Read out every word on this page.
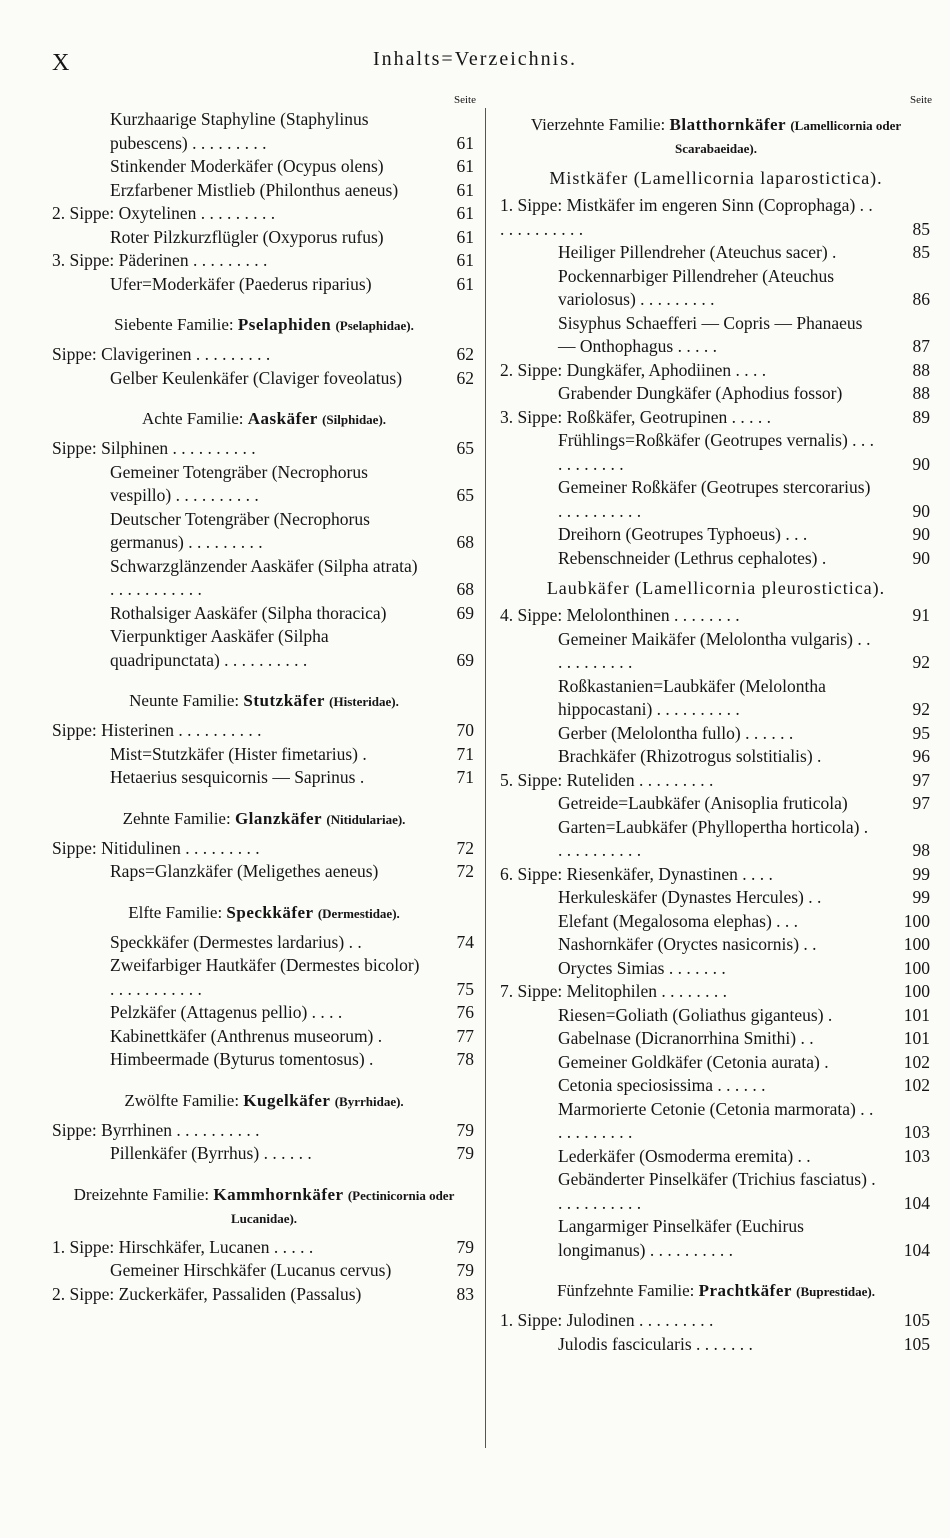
X	Inhalts=Verzeichnis.
Seite
Kurzhaarige Staphyline (Staphylinus pubescens) . . . . . . . . .	61
Stinkender Moderkäfer (Ocypus olens)	61
Erzfarbener Mistlieb (Philonthus aeneus)	61
2. Sippe: Oxytelinen . . . . . . . . .	61
Roter Pilzkurzflügler (Oxyporus rufus)	61
3. Sippe: Päderinen . . . . . . . . .	61
Ufer=Moderkäfer (Paederus riparius)	61
Siebente Familie: Pselaphiden (Pselaphidae).
Sippe: Clavigerinen . . . . . . . . .	62
Gelber Keulenkäfer (Claviger foveolatus)	62
Achte Familie: Aaskäfer (Silphidae).
Sippe: Silphinen . . . . . . . . . .	65
Gemeiner Totengräber (Necrophorus vespillo) . . . . . . . . . .	65
Deutscher Totengräber (Necrophorus germanus) . . . . . . . . .	68
Schwarzglänzender Aaskäfer (Silpha atrata) . . . . . . . . . . .	68
Rothalsiger Aaskäfer (Silpha thoracica)	69
Vierpunktiger Aaskäfer (Silpha quadripunctata) . . . . . . . . . .	69
Neunte Familie: Stutzkäfer (Histeridae).
Sippe: Histerinen . . . . . . . . . .	70
Mist=Stutzkäfer (Hister fimetarius) .	71
Hetaerius sesquicornis — Saprinus .	71
Zehnte Familie: Glanzkäfer (Nitidulariae).
Sippe: Nitidulinen . . . . . . . . .	72
Raps=Glanzkäfer (Meligethes aeneus)	72
Elfte Familie: Speckkäfer (Dermestidae).
Speckkäfer (Dermestes lardarius) . .	74
Zweifarbiger Hautkäfer (Dermestes bicolor) . . . . . . . . . . .	75
Pelzkäfer (Attagenus pellio) . . . .	76
Kabinettkäfer (Anthrenus museorum) .	77
Himbeermade (Byturus tomentosus) .	78
Zwölfte Familie: Kugelkäfer (Byrrhidae).
Sippe: Byrrhinen . . . . . . . . . .	79
Pillenkäfer (Byrrhus) . . . . . .	79
Dreizehnte Familie: Kammhornkäfer (Pectinicornia oder Lucanidae).
1. Sippe: Hirschkäfer, Lucanen . . . . .	79
Gemeiner Hirschkäfer (Lucanus cervus)	79
2. Sippe: Zuckerkäfer, Passaliden (Passalus)	83
Seite
Vierzehnte Familie: Blatthornkäfer (Lamellicornia oder Scarabaeidae).
Mistkäfer (Lamellicornia laparostictica).
1. Sippe: Mistkäfer im engeren Sinn (Coprophaga) . . . . . . . . . . . .	85
Heiliger Pillendreher (Ateuchus sacer) .	85
Pockennarbiger Pillendreher (Ateuchus variolosus) . . . . . . . . .	86
Sisyphus Schaefferi — Copris — Phanaeus — Onthophagus . . . . .	87
2. Sippe: Dungkäfer, Aphodiinen . . . .	88
Grabender Dungkäfer (Aphodius fossor)	88
3. Sippe: Roßkäfer, Geotrupinen . . . . .	89
Frühlings=Roßkäfer (Geotrupes vernalis) . . . . . . . . . . .	90
Gemeiner Roßkäfer (Geotrupes stercorarius) . . . . . . . . . .	90
Dreihorn (Geotrupes Typhoeus) . . .	90
Rebenschneider (Lethrus cephalotes) .	90
Laubkäfer (Lamellicornia pleurostictica).
4. Sippe: Melolonthinen . . . . . . . .	91
Gemeiner Maikäfer (Melolontha vulgaris) . . . . . . . . . . .	92
Roßkastanien=Laubkäfer (Melolontha hippocastani) . . . . . . . . . .	92
Gerber (Melolontha fullo) . . . . . .	95
Brachkäfer (Rhizotrogus solstitialis) .	96
5. Sippe: Ruteliden . . . . . . . . .	97
Getreide=Laubkäfer (Anisoplia fruticola)	97
Garten=Laubkäfer (Phyllopertha horticola) . . . . . . . . . . .	98
6. Sippe: Riesenkäfer, Dynastinen . . . .	99
Herkuleskäfer (Dynastes Hercules) . .	99
Elefant (Megalosoma elephas) . . .	100
Nashornkäfer (Oryctes nasicornis) . .	100
Oryctes Simias . . . . . . .	100
7. Sippe: Melitophilen . . . . . . . .	100
Riesen=Goliath (Goliathus giganteus) .	101
Gabelnase (Dicranorrhina Smithi) . .	101
Gemeiner Goldkäfer (Cetonia aurata) .	102
Cetonia speciosissima . . . . . .	102
Marmorierte Cetonie (Cetonia marmorata) . . . . . . . . . . .	103
Lederkäfer (Osmoderma eremita) . .	103
Gebänderter Pinselkäfer (Trichius fasciatus) . . . . . . . . . . .	104
Langarmiger Pinselkäfer (Euchirus longimanus) . . . . . . . . . .	104
Fünfzehnte Familie: Prachtkäfer (Buprestidae).
1. Sippe: Julodinen . . . . . . . . .	105
Julodis fascicularis . . . . . . .	105
